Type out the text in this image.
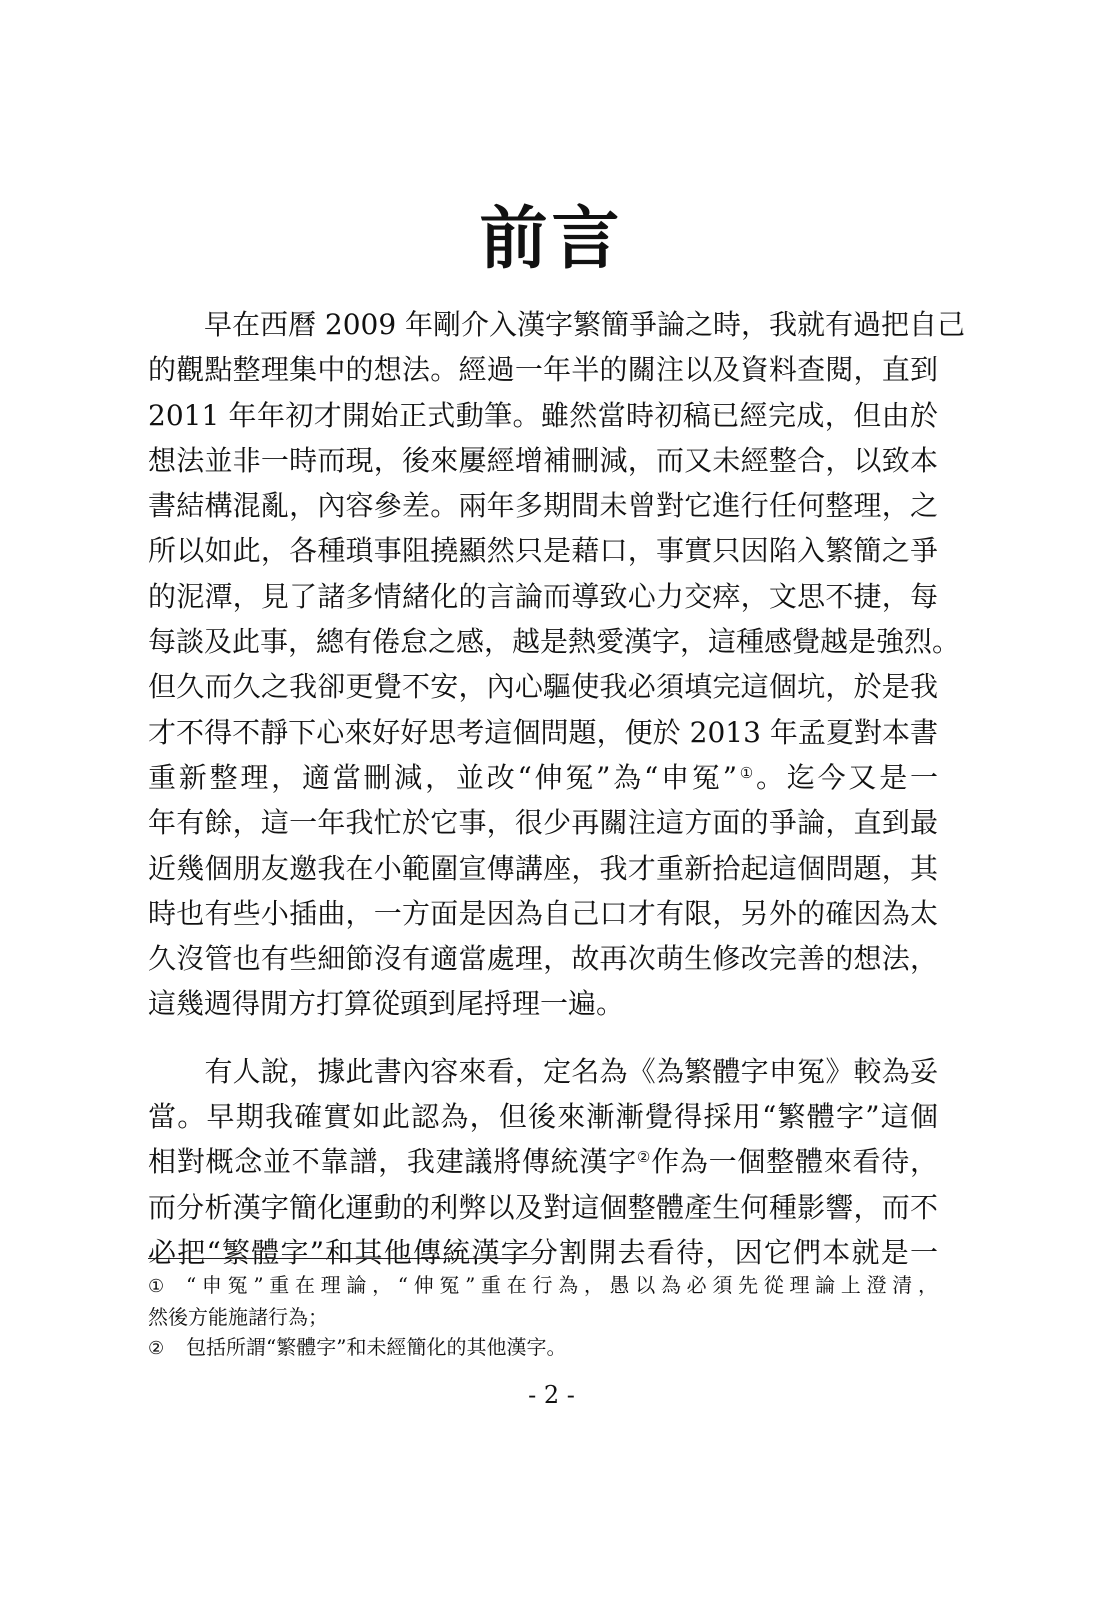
前言
　　早在西曆 2009 年剛介入漢字繁簡爭論之時，我就有過把自己
的觀點整理集中的想法。經過一年半的關注以及資料查閱，直到
2011 年年初才開始正式動筆。雖然當時初稿已經完成，但由於
想法並非一時而現，後來屢經增補刪減，而又未經整合，以致本
書結構混亂，內容參差。兩年多期間未曾對它進行任何整理，之
所以如此，各種瑣事阻撓顯然只是藉口，事實只因陷入繁簡之爭
的泥潭，見了諸多情緒化的言論而導致心力交瘁，文思不捷，每
每談及此事，總有倦怠之感，越是熱愛漢字，這種感覺越是強烈。
但久而久之我卻更覺不安，內心驅使我必須填完這個坑，於是我
才不得不靜下心來好好思考這個問題，便於 2013 年孟夏對本書
重新整理，適當刪減，並改“伸冤”為“申冤”①。迄今又是一
年有餘，這一年我忙於它事，很少再關注這方面的爭論，直到最
近幾個朋友邀我在小範圍宣傳講座，我才重新拾起這個問題，其
時也有些小插曲，一方面是因為自己口才有限，另外的確因為太
久沒管也有些細節沒有適當處理，故再次萌生修改完善的想法，
這幾週得閒方打算從頭到尾捋理一遍。
　　有人說，據此書內容來看，定名為《為繁體字申冤》較為妥
當。早期我確實如此認為，但後來漸漸覺得採用“繁體字”這個
相對概念並不靠譜，我建議將傳統漢字②作為一個整體來看待，
而分析漢字簡化運動的利弊以及對這個整體產生何種影響，而不
必把“繁體字”和其他傳統漢字分割開去看待，因它們本就是一
① “申冤”重在理論，“伸冤”重在行為，愚以為必須先從理論上澄清，
然後方能施諸行為；
② 包括所謂“繁體字”和未經簡化的其他漢字。
- 2 -
